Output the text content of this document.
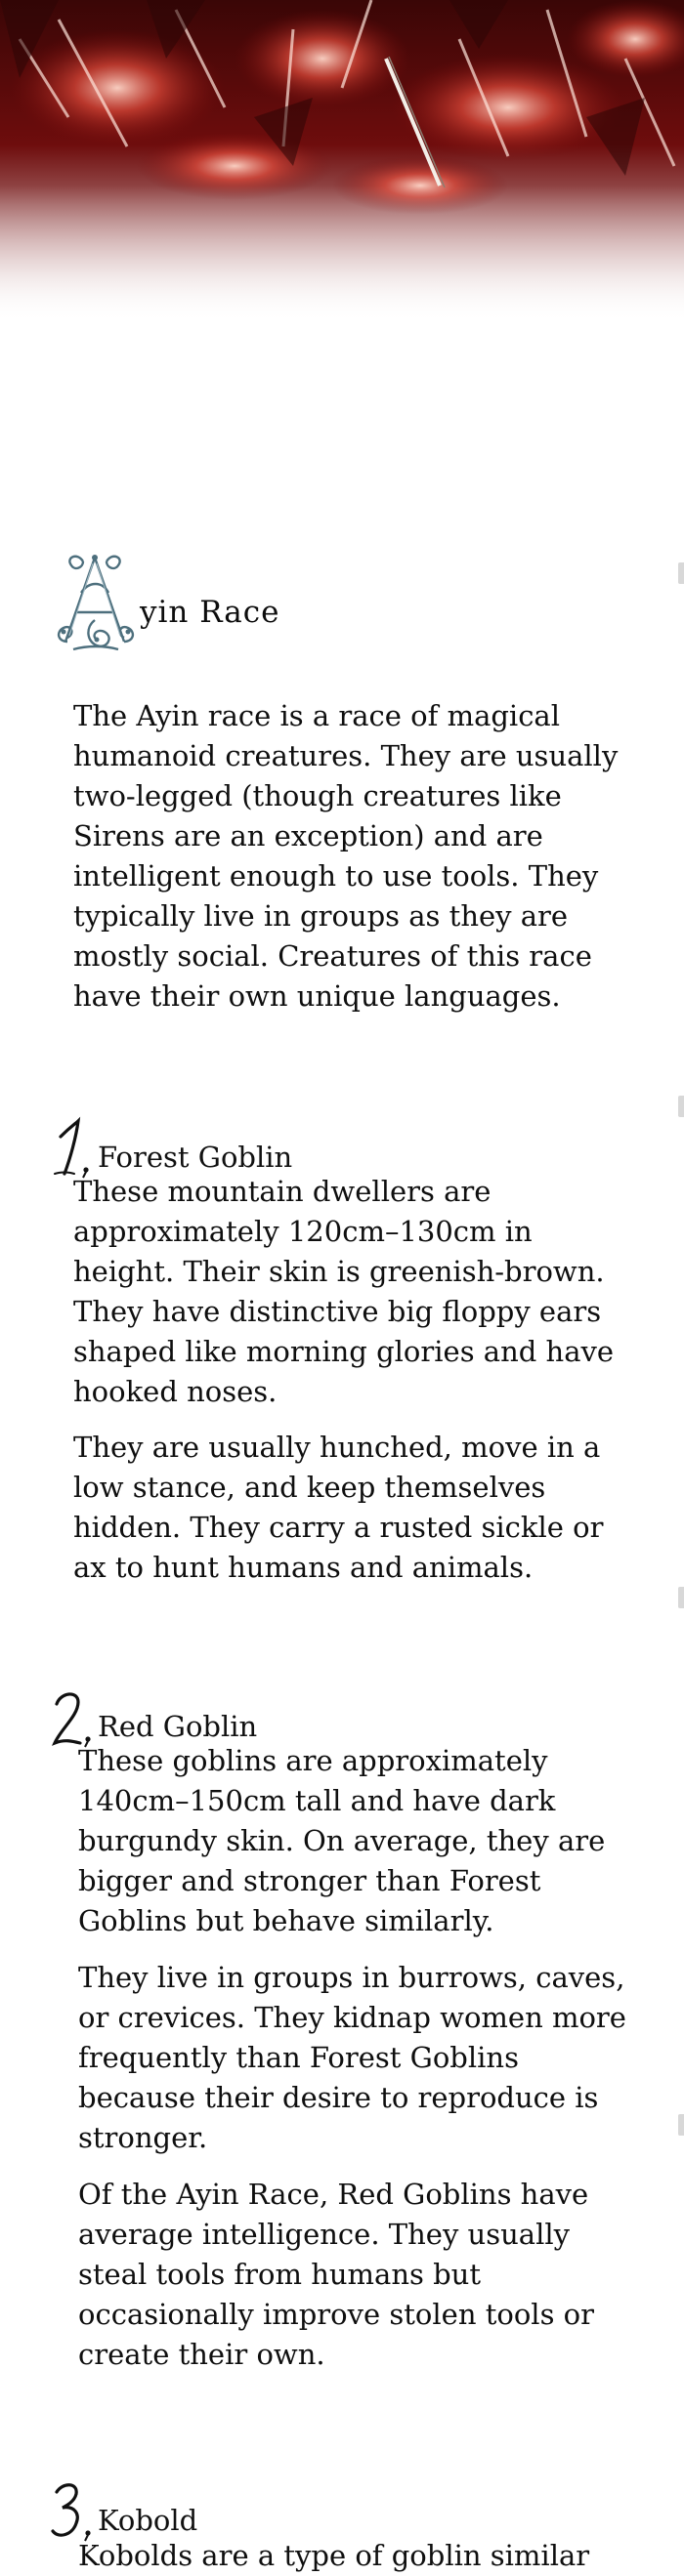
yin Race

The Ayin race is a race of magical humanoid creatures. They are usually two-legged (though creatures like Sirens are an exception) and are intelligent enough to use tools. They typically live in groups as they are mostly social. Creatures of this race have their own unique languages.

Forest Goblin

These mountain dwellers are approximately 120cm–130cm in height. Their skin is greenish-brown. They have distinctive big floppy ears shaped like morning glories and have hooked noses.

They are usually hunched, move in a low stance, and keep themselves hidden. They carry a rusted sickle or ax to hunt humans and animals.

Red Goblin

These goblins are approximately 140cm–150cm tall and have dark burgundy skin. On average, they are bigger and stronger than Forest Goblins but behave similarly.

They live in groups in burrows, caves, or crevices. They kidnap women more frequently than Forest Goblins because their desire to reproduce is stronger.

Of the Ayin Race, Red Goblins have average intelligence. They usually steal tools from humans but occasionally improve stolen tools or create their own.

Kobold

Kobolds are a type of goblin similar
